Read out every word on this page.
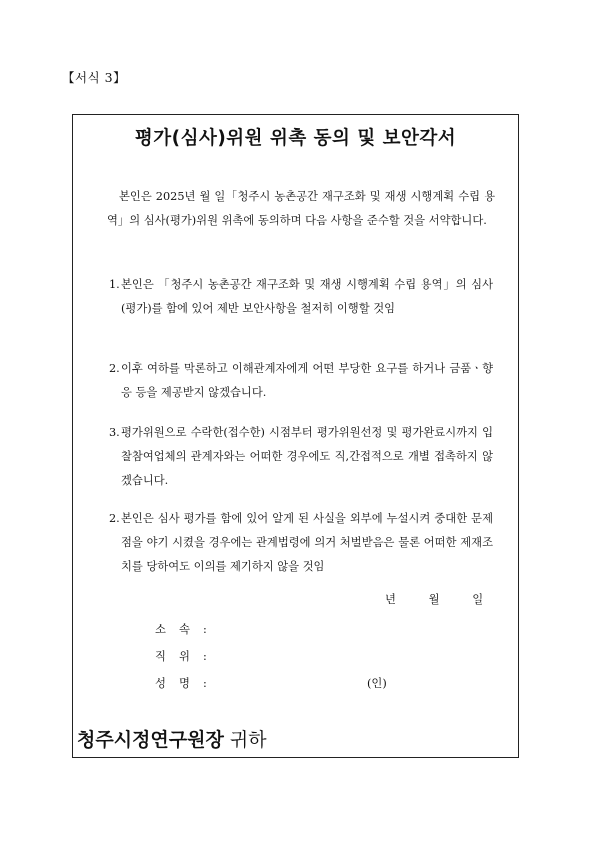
【서식 3】
평가(심사)위원 위촉 동의 및 보안각서
본인은 2025년 월 일「청주시 농촌공간 재구조화 및 재생 시행계획 수립 용역」의 심사(평가)위원 위촉에 동의하며 다음 사항을 준수할 것을 서약합니다.
1. 본인은 「청주시 농촌공간 재구조화 및 재생 시행계획 수립 용역」의 심사(평가)를 함에 있어 제반 보안사항을 철저히 이행할 것임
2. 이후 여하를 막론하고 이해관계자에게 어떤 부당한 요구를 하거나 금품ㆍ향응 등을 제공받지 않겠습니다.
3. 평가위원으로 수락한(접수한) 시점부터 평가위원선정 및 평가완료시까지 입찰참여업체의 관계자와는 어떠한 경우에도 직,간접적으로 개별 접촉하지 않겠습니다.
2. 본인은 심사 평가를 함에 있어 알게 된 사실을 외부에 누설시켜 중대한 문제점을 야기 시켰을 경우에는 관계법령에 의거 처벌받음은 물론 어떠한 제재조치를 당하여도 이의를 제기하지 않을 것임
년	월	일
소 속 :
직 위 :
성 명 :	(인)
청주시정연구원장 귀하
